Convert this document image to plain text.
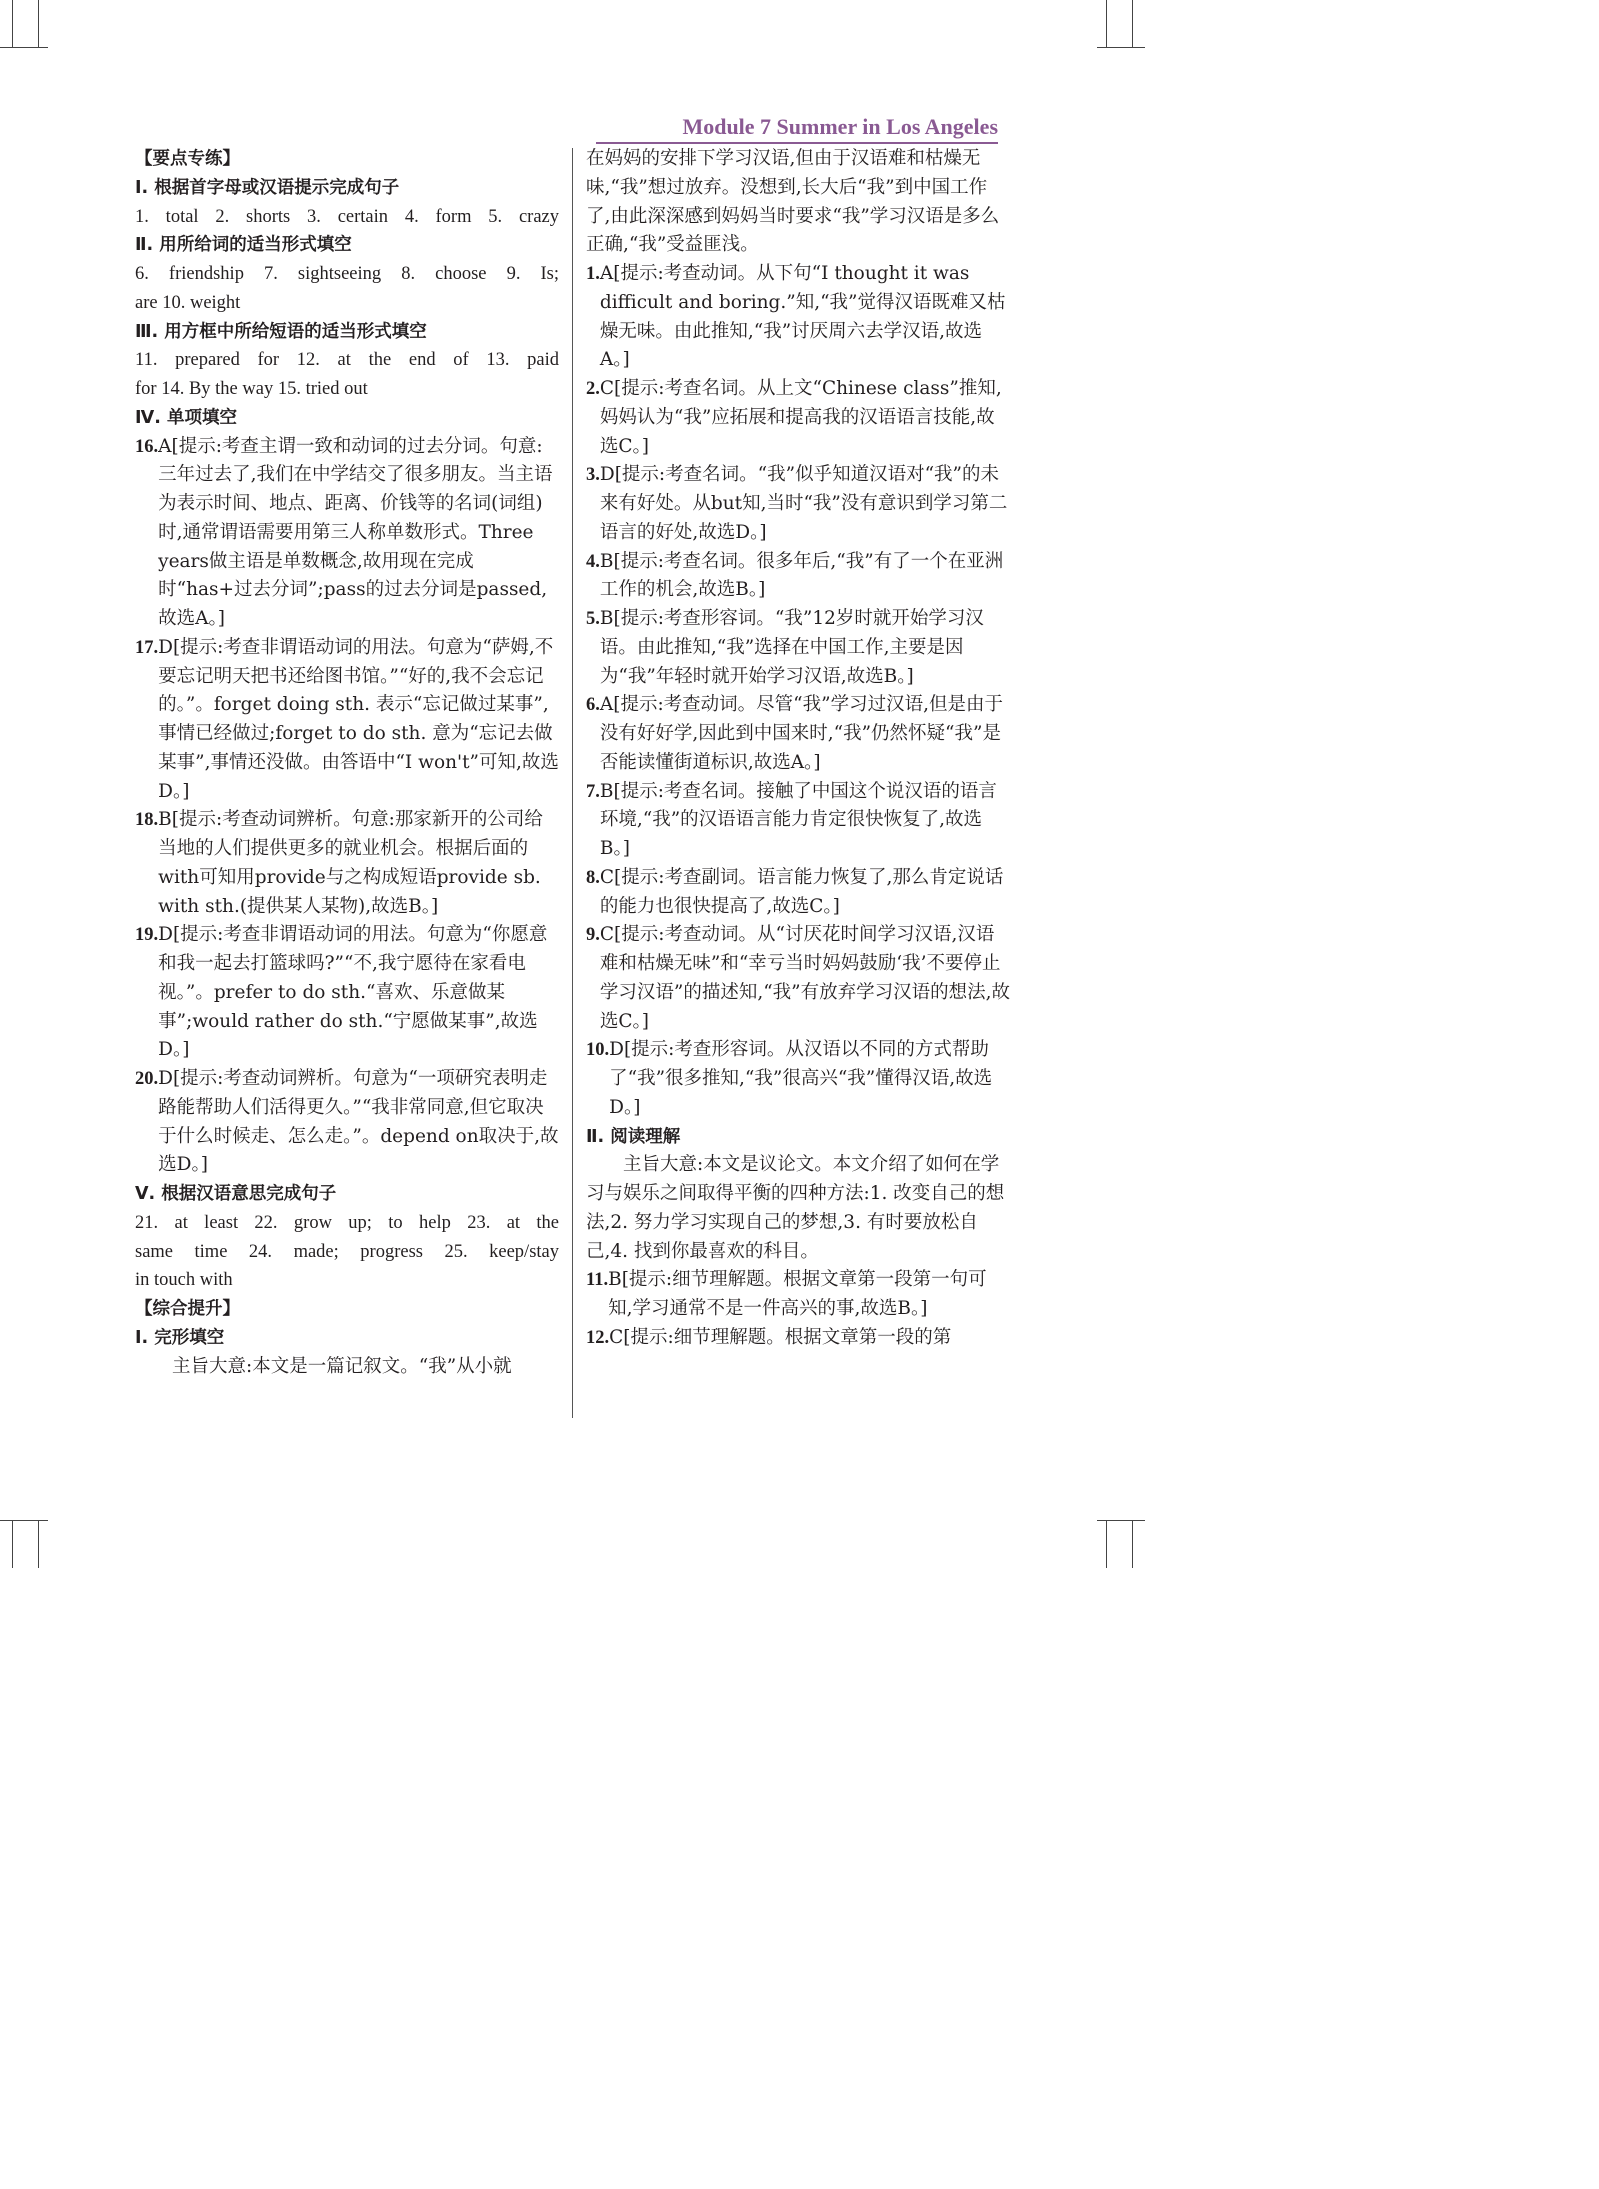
Module 7 Summer in Los Angeles
【要点专练】
Ⅰ. 根据首字母或汉语提示完成句子
1. total 2. shorts 3. certain 4. form 5. crazy
Ⅱ. 用所给词的适当形式填空
6. friendship 7. sightseeing 8. choose 9. Is;
are 10. weight
Ⅲ. 用方框中所给短语的适当形式填空
11. prepared for 12. at the end of 13. paid
for 14. By the way 15. tried out
Ⅳ. 单项填空
16. A[提示:考查主谓一致和动词的过去分词。句意:三年过去了,我们在中学结交了很多朋友。当主语为表示时间、地点、距离、价钱等的名词(词组)时,通常谓语需要用第三人称单数形式。Three years做主语是单数概念,故用现在完成时“has+过去分词”;pass的过去分词是passed,故选A。]
17. D[提示:考查非谓语动词的用法。句意为“萨姆,不要忘记明天把书还给图书馆。”“好的,我不会忘记的。”。forget doing sth. 表示“忘记做过某事”,事情已经做过;forget to do sth. 意为“忘记去做某事”,事情还没做。由答语中“I won't”可知,故选D。]
18. B[提示:考查动词辨析。句意:那家新开的公司给当地的人们提供更多的就业机会。根据后面的with可知用provide与之构成短语provide sb. with sth.(提供某人某物),故选B。]
19. D[提示:考查非谓语动词的用法。句意为“你愿意和我一起去打篮球吗?”“不,我宁愿待在家看电视。”。prefer to do sth.“喜欢、乐意做某事”;would rather do sth.“宁愿做某事”,故选D。]
20. D[提示:考查动词辨析。句意为“一项研究表明走路能帮助人们活得更久。”“我非常同意,但它取决于什么时候走、怎么走。”。depend on取决于,故选D。]
Ⅴ. 根据汉语意思完成句子
21. at least 22. grow up; to help 23. at the
same time 24. made; progress 25. keep/stay
in touch with
【综合提升】
Ⅰ. 完形填空
主旨大意:本文是一篇记叙文。“我”从小就
在妈妈的安排下学习汉语,但由于汉语难和枯燥无味,“我”想过放弃。没想到,长大后“我”到中国工作了,由此深深感到妈妈当时要求“我”学习汉语是多么正确,“我”受益匪浅。
1. A[提示:考查动词。从下句“I thought it was difficult and boring.”知,“我”觉得汉语既难又枯燥无味。由此推知,“我”讨厌周六去学汉语,故选A。]
2. C[提示:考查名词。从上文“Chinese class”推知,妈妈认为“我”应拓展和提高我的汉语语言技能,故选C。]
3. D[提示:考查名词。“我”似乎知道汉语对“我”的未来有好处。从but知,当时“我”没有意识到学习第二语言的好处,故选D。]
4. B[提示:考查名词。很多年后,“我”有了一个在亚洲工作的机会,故选B。]
5. B[提示:考查形容词。“我”12岁时就开始学习汉语。由此推知,“我”选择在中国工作,主要是因为“我”年轻时就开始学习汉语,故选B。]
6. A[提示:考查动词。尽管“我”学习过汉语,但是由于没有好好学,因此到中国来时,“我”仍然怀疑“我”是否能读懂街道标识,故选A。]
7. B[提示:考查名词。接触了中国这个说汉语的语言环境,“我”的汉语语言能力肯定很快恢复了,故选B。]
8. C[提示:考查副词。语言能力恢复了,那么肯定说话的能力也很快提高了,故选C。]
9. C[提示:考查动词。从“讨厌花时间学习汉语,汉语难和枯燥无味”和“幸亏当时妈妈鼓励‘我’不要停止学习汉语”的描述知,“我”有放弃学习汉语的想法,故选C。]
10. D[提示:考查形容词。从汉语以不同的方式帮助了“我”很多推知,“我”很高兴“我”懂得汉语,故选D。]
Ⅱ. 阅读理解
主旨大意:本文是议论文。本文介绍了如何在学习与娱乐之间取得平衡的四种方法:1. 改变自己的想法,2. 努力学习实现自己的梦想,3. 有时要放松自己,4. 找到你最喜欢的科目。
11. B[提示:细节理解题。根据文章第一段第一句可知,学习通常不是一件高兴的事,故选B。]
12. C[提示:细节理解题。根据文章第一段的第
